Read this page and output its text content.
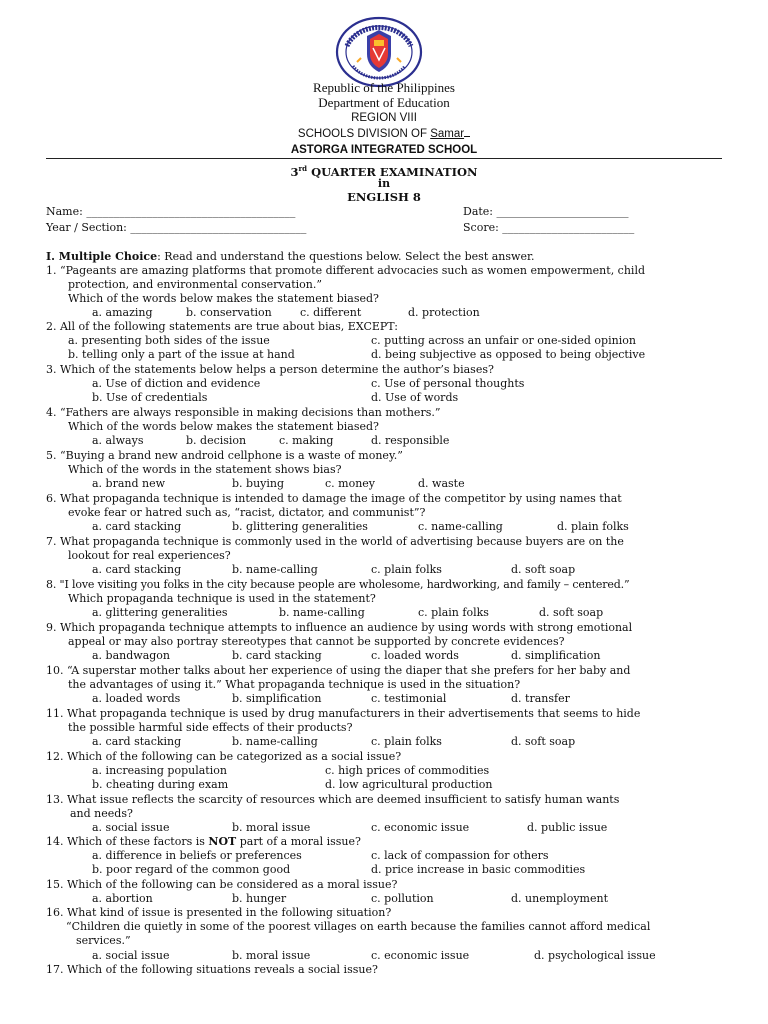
Republic of the Philippines
Department of Education
REGION VIII
SCHOOLS DIVISION OF Samar
ASTORGA INTEGRATED SCHOOL
3rd QUARTER EXAMINATION
in
ENGLISH 8
Name: ______________________________________	Date: ________________________
Year / Section: ________________________________	Score: ________________________
I. Multiple Choice: Read and understand the questions below. Select the best answer.
1. “Pageants are amazing platforms that promote different advocacies such as women empowerment, child
protection, and environmental conservation.”
Which of the words below makes the statement biased?
a. amazing	b. conservation	c. different	d. protection
2. All of the following statements are true about bias, EXCEPT:
a. presenting both sides of the issue	c. putting across an unfair or one-sided opinion
b. telling only a part of the issue at hand	d. being subjective as opposed to being objective
3. Which of the statements below helps a person determine the author’s biases?
a. Use of diction and evidence	c. Use of personal thoughts
b. Use of credentials	d. Use of words
4. “Fathers are always responsible in making decisions than mothers.”
Which of the words below makes the statement biased?
a. always	b. decision	c. making	d. responsible
5. “Buying a brand new android cellphone is a waste of money.”
Which of the words in the statement shows bias?
a. brand new	b. buying	c. money	d. waste
6. What propaganda technique is intended to damage the image of the competitor by using names that
evoke fear or hatred such as, “racist, dictator, and communist”?
a. card stacking	b. glittering generalities	c. name-calling	d. plain folks
7. What propaganda technique is commonly used in the world of advertising because buyers are on the
lookout for real experiences?
a. card stacking	b. name-calling	c. plain folks	d. soft soap
8. "I love visiting you folks in the city because people are wholesome, hardworking, and family – centered.”
Which propaganda technique is used in the statement?
a. glittering generalities	b. name-calling	c. plain folks	d. soft soap
9. Which propaganda technique attempts to influence an audience by using words with strong emotional
appeal or may also portray stereotypes that cannot be supported by concrete evidences?
a. bandwagon	b. card stacking	c. loaded words	d. simplification
10. “A superstar mother talks about her experience of using the diaper that she prefers for her baby and
the advantages of using it.” What propaganda technique is used in the situation?
a. loaded words	b. simplification	c. testimonial	d. transfer
11. What propaganda technique is used by drug manufacturers in their advertisements that seems to hide
the possible harmful side effects of their products?
a. card stacking	b. name-calling	c. plain folks	d. soft soap
12. Which of the following can be categorized as a social issue?
a. increasing population	c. high prices of commodities
b. cheating during exam	d. low agricultural production
13. What issue reflects the scarcity of resources which are deemed insufficient to satisfy human wants
and needs?
a. social issue	b. moral issue	c. economic issue	d. public issue
14. Which of these factors is NOT part of a moral issue?
a. difference in beliefs or preferences	c. lack of compassion for others
b. poor regard of the common good	d. price increase in basic commodities
15. Which of the following can be considered as a moral issue?
a. abortion	b. hunger	c. pollution	d. unemployment
16. What kind of issue is presented in the following situation?
“Children die quietly in some of the poorest villages on earth because the families cannot afford medical
services.”
a. social issue	b. moral issue	c. economic issue	d. psychological issue
17. Which of the following situations reveals a social issue?
